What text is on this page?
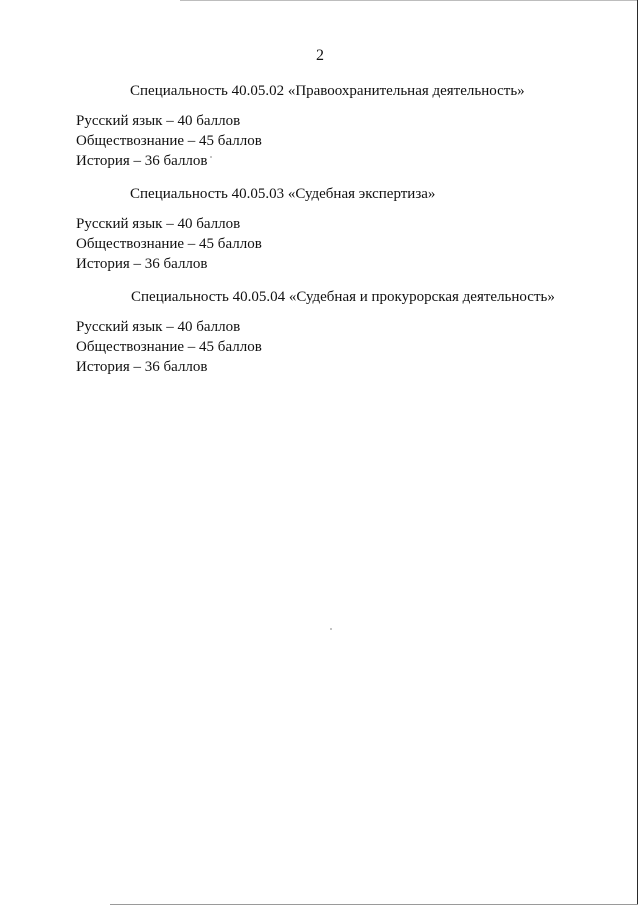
2
Специальность 40.05.02 «Правоохранительная деятельность»
Русский язык – 40 баллов
Обществознание – 45 баллов
История – 36 баллов
Специальность 40.05.03 «Судебная экспертиза»
Русский язык – 40 баллов
Обществознание – 45 баллов
История – 36 баллов
Специальность 40.05.04 «Судебная и прокурорская деятельность»
Русский язык – 40 баллов
Обществознание – 45 баллов
История – 36 баллов
